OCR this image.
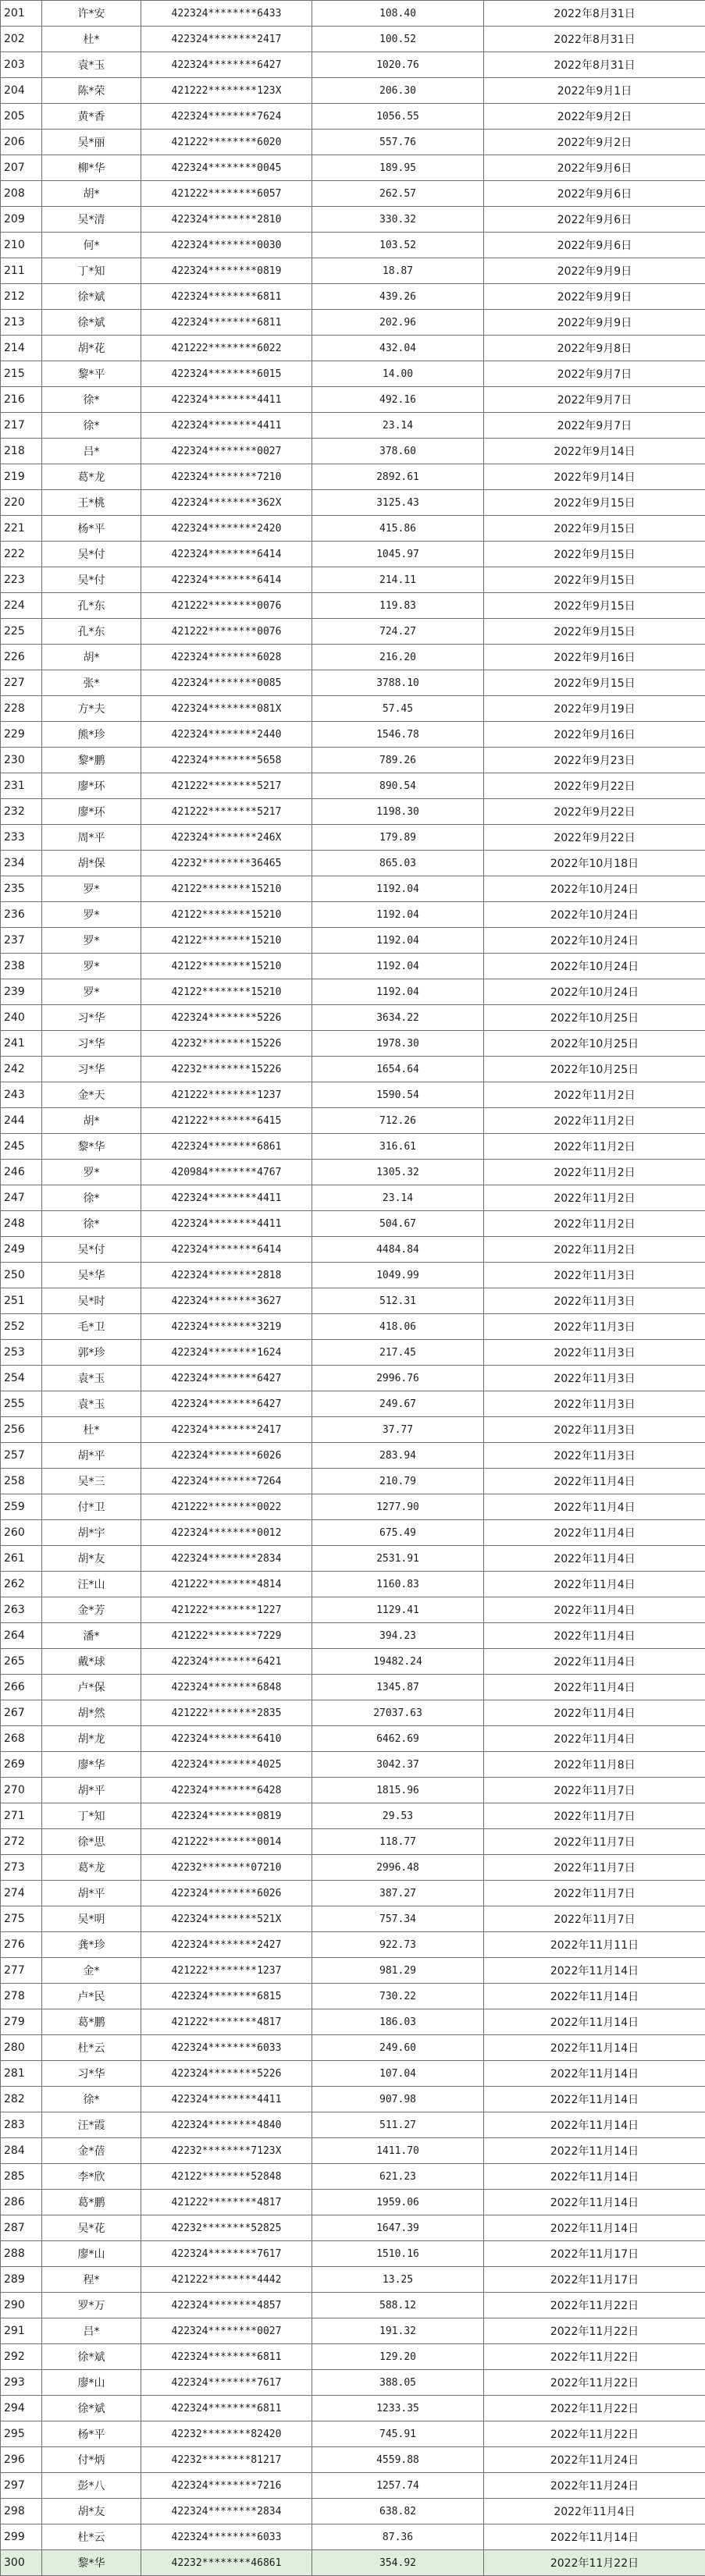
201	许*安	422324********6433	108.40	2022年8月31日
202	杜*	422324********2417	100.52	2022年8月31日
203	袁*玉	422324********6427	1020.76	2022年8月31日
204	陈*荣	421222********123X	206.30	2022年9月1日
205	黄*香	422324********7624	1056.55	2022年9月2日
206	吴*丽	421222********6020	557.76	2022年9月2日
207	柳*华	422324********0045	189.95	2022年9月6日
208	胡*	421222********6057	262.57	2022年9月6日
209	吴*清	422324********2810	330.32	2022年9月6日
210	何*	422324********0030	103.52	2022年9月6日
211	丁*知	422324********0819	18.87	2022年9月9日
212	徐*斌	422324********6811	439.26	2022年9月9日
213	徐*斌	422324********6811	202.96	2022年9月9日
214	胡*花	421222********6022	432.04	2022年9月8日
215	黎*平	422324********6015	14.00	2022年9月7日
216	徐*	422324********4411	492.16	2022年9月7日
217	徐*	422324********4411	23.14	2022年9月7日
218	吕*	422324********0027	378.60	2022年9月14日
219	葛*龙	422324********7210	2892.61	2022年9月14日
220	王*桃	422324********362X	3125.43	2022年9月15日
221	杨*平	422324********2420	415.86	2022年9月15日
222	吴*付	422324********6414	1045.97	2022年9月15日
223	吴*付	422324********6414	214.11	2022年9月15日
224	孔*东	421222********0076	119.83	2022年9月15日
225	孔*东	421222********0076	724.27	2022年9月15日
226	胡*	422324********6028	216.20	2022年9月16日
227	张*	422324********0085	3788.10	2022年9月15日
228	方*夫	422324********081X	57.45	2022年9月19日
229	熊*珍	422324********2440	1546.78	2022年9月16日
230	黎*鹏	422324********5658	789.26	2022年9月23日
231	廖*环	421222********5217	890.54	2022年9月22日
232	廖*环	421222********5217	1198.30	2022年9月22日
233	周*平	422324********246X	179.89	2022年9月22日
234	胡*保	42232********36465	865.03	2022年10月18日
235	罗*	42122********15210	1192.04	2022年10月24日
236	罗*	42122********15210	1192.04	2022年10月24日
237	罗*	42122********15210	1192.04	2022年10月24日
238	罗*	42122********15210	1192.04	2022年10月24日
239	罗*	42122********15210	1192.04	2022年10月24日
240	习*华	422324********5226	3634.22	2022年10月25日
241	习*华	42232********15226	1978.30	2022年10月25日
242	习*华	42232********15226	1654.64	2022年10月25日
243	金*天	421222********1237	1590.54	2022年11月2日
244	胡*	421222********6415	712.26	2022年11月2日
245	黎*华	422324********6861	316.61	2022年11月2日
246	罗*	420984********4767	1305.32	2022年11月2日
247	徐*	422324********4411	23.14	2022年11月2日
248	徐*	422324********4411	504.67	2022年11月2日
249	吴*付	422324********6414	4484.84	2022年11月2日
250	吴*华	422324********2818	1049.99	2022年11月3日
251	吴*时	422324********3627	512.31	2022年11月3日
252	毛*卫	422324********3219	418.06	2022年11月3日
253	郭*珍	422324********1624	217.45	2022年11月3日
254	袁*玉	422324********6427	2996.76	2022年11月3日
255	袁*玉	422324********6427	249.67	2022年11月3日
256	杜*	422324********2417	37.77	2022年11月3日
257	胡*平	422324********6026	283.94	2022年11月3日
258	吴*三	422324********7264	210.79	2022年11月4日
259	付*卫	421222********0022	1277.90	2022年11月4日
260	胡*宇	422324********0012	675.49	2022年11月4日
261	胡*友	422324********2834	2531.91	2022年11月4日
262	汪*山	421222********4814	1160.83	2022年11月4日
263	金*芳	421222********1227	1129.41	2022年11月4日
264	潘*	421222********7229	394.23	2022年11月4日
265	戴*球	422324********6421	19482.24	2022年11月4日
266	卢*保	422324********6848	1345.87	2022年11月4日
267	胡*然	421222********2835	27037.63	2022年11月4日
268	胡*龙	422324********6410	6462.69	2022年11月4日
269	廖*华	422324********4025	3042.37	2022年11月8日
270	胡*平	422324********6428	1815.96	2022年11月7日
271	丁*知	422324********0819	29.53	2022年11月7日
272	徐*思	421222********0014	118.77	2022年11月7日
273	葛*龙	42232********07210	2996.48	2022年11月7日
274	胡*平	422324********6026	387.27	2022年11月7日
275	吴*明	422324********521X	757.34	2022年11月7日
276	龚*珍	422324********2427	922.73	2022年11月11日
277	金*	421222********1237	981.29	2022年11月14日
278	卢*民	422324********6815	730.22	2022年11月14日
279	葛*鹏	421222********4817	186.03	2022年11月14日
280	杜*云	422324********6033	249.60	2022年11月14日
281	习*华	422324********5226	107.04	2022年11月14日
282	徐*	422324********4411	907.98	2022年11月14日
283	汪*霞	422324********4840	511.27	2022年11月14日
284	金*蓓	42232********7123X	1411.70	2022年11月14日
285	李*欣	42122********52848	621.23	2022年11月14日
286	葛*鹏	421222********4817	1959.06	2022年11月14日
287	吴*花	42232********52825	1647.39	2022年11月14日
288	廖*山	422324********7617	1510.16	2022年11月17日
289	程*	421222********4442	13.25	2022年11月17日
290	罗*万	422324********4857	588.12	2022年11月22日
291	吕*	422324********0027	191.32	2022年11月22日
292	徐*斌	422324********6811	129.20	2022年11月22日
293	廖*山	422324********7617	388.05	2022年11月22日
294	徐*斌	422324********6811	1233.35	2022年11月22日
295	杨*平	42232********82420	745.91	2022年11月22日
296	付*炳	42232********81217	4559.88	2022年11月24日
297	彭*八	422324********7216	1257.74	2022年11月24日
298	胡*友	422324********2834	638.82	2022年11月4日
299	杜*云	422324********6033	87.36	2022年11月14日
300	黎*华	42232********46861	354.92	2022年11月22日
